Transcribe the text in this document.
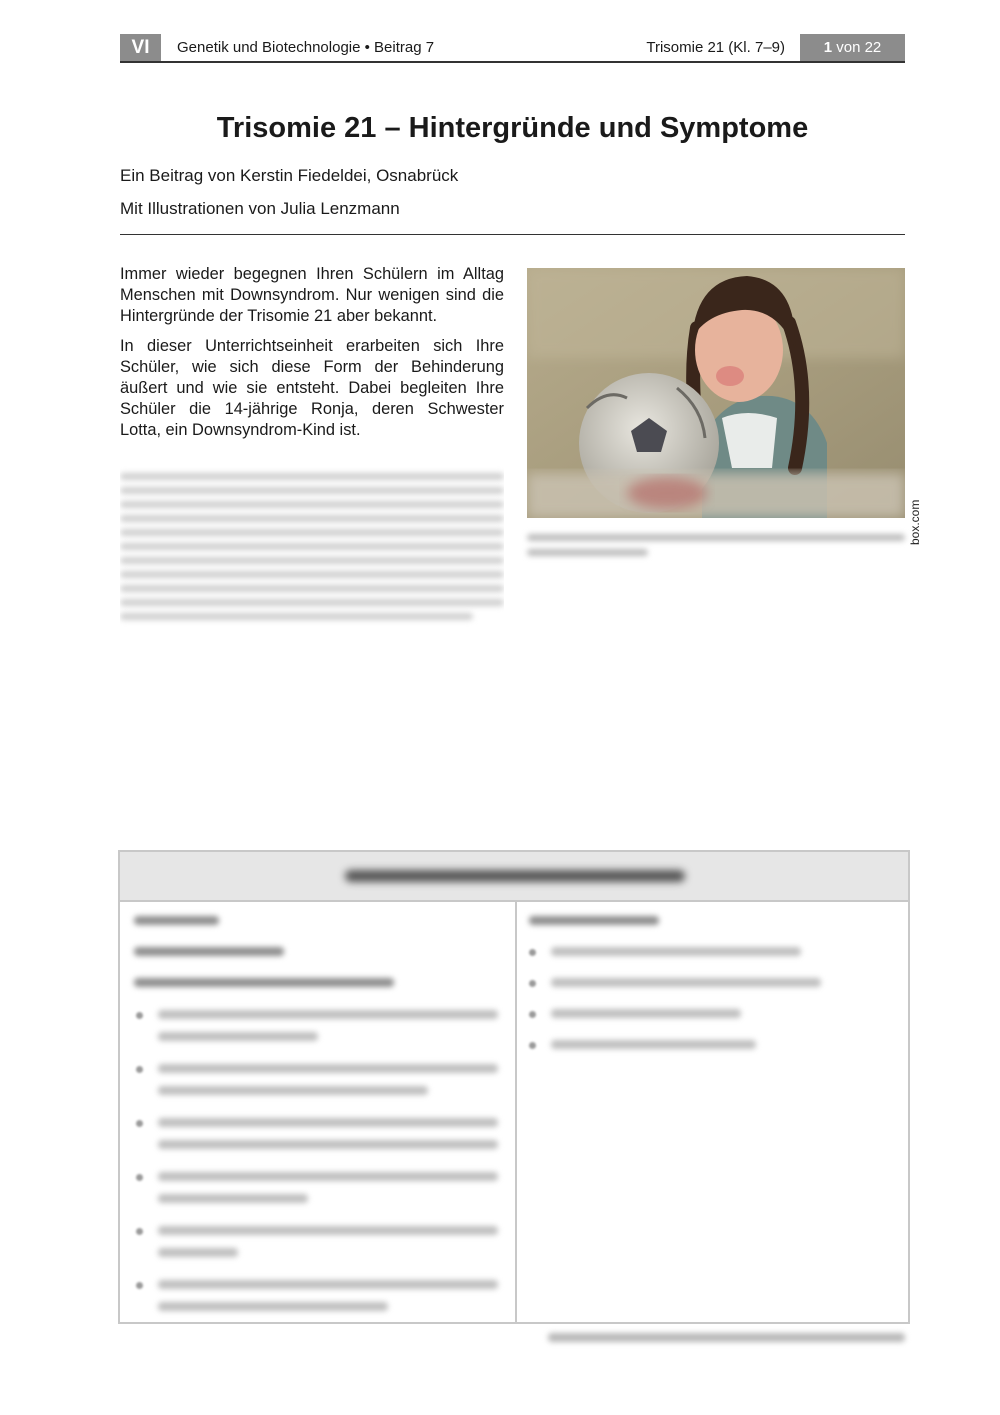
VI	Genetik und Biotechnologie • Beitrag 7	Trisomie 21 (Kl. 7–9)	1 von 22
Trisomie 21 – Hintergründe und Symptome
Ein Beitrag von Kerstin Fiedeldei, Osnabrück
Mit Illustrationen von Julia Lenzmann

Immer wieder begegnen Ihren Schülern im Alltag Menschen mit Downsyndrom. Nur wenigen sind die Hintergründe der Trisomie 21 aber bekannt.

In dieser Unterrichtseinheit erarbeiten sich Ihre Schüler, wie sich diese Form der Behinderung äußert und wie sie entsteht. Dabei begleiten Ihre Schüler die 14-jährige Ronja, deren Schwester Lotta, ein Downsyndrom-Kind ist.

box.com
